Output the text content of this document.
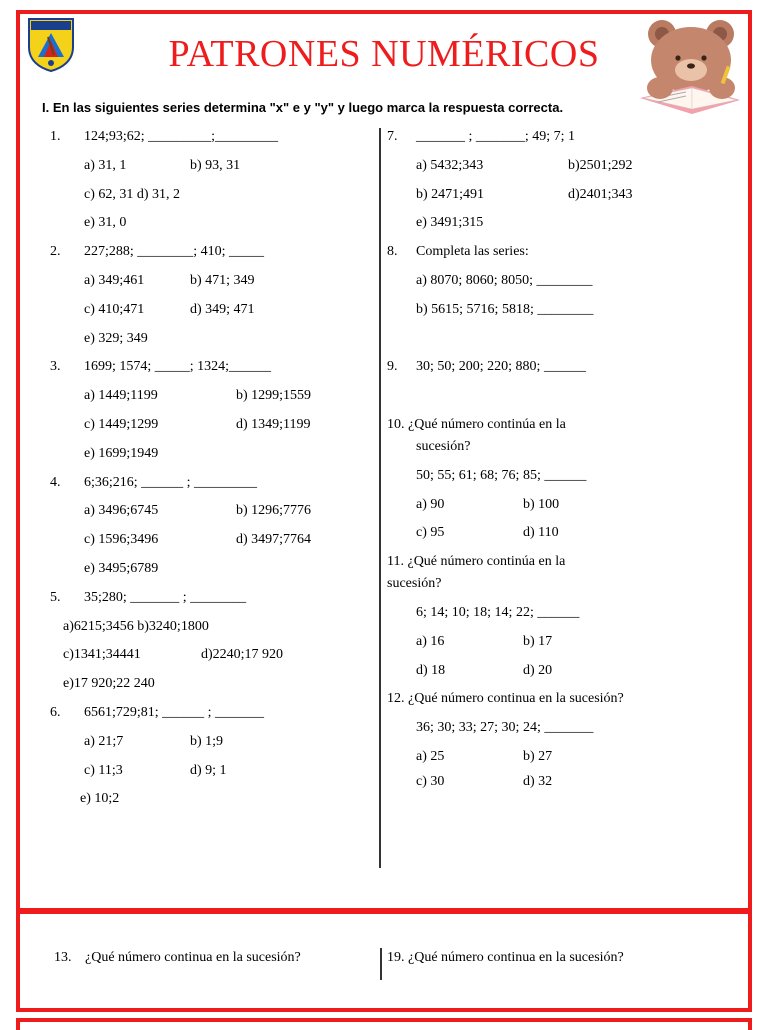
PATRONES NUMÉRICOS
I. En las siguientes series determina "x" e y "y" y luego marca la respuesta correcta.
1. 124;93;62; _________;_________
a) 31, 1	b) 93, 31
c) 62, 31 d) 31, 2
e) 31, 0
2. 227;288; ________; 410; _____
a) 349;461	b) 471; 349
c) 410;471	d) 349; 471
e) 329; 349
3. 1699; 1574; _____; 1324;______
a) 1449;1199	b) 1299;1559
c) 1449;1299	d) 1349;1199
e) 1699;1949
4. 6;36;216; ______ ; _________
a) 3496;6745	b) 1296;7776
c) 1596;3496	d) 3497;7764
e) 3495;6789
5. 35;280; _______ ; ________
a)6215;3456 b)3240;1800
c)1341;34441	d)2240;17 920
e)17 920;22 240
6. 6561;729;81; ______ ; _______
a) 21;7	b) 1;9
c) 11;3	d) 9; 1
e) 10;2
7. _______ ; _______; 49; 7; 1
a) 5432;343	b)2501;292
b) 2471;491	d)2401;343
e) 3491;315
8. Completa las series:
a) 8070; 8060; 8050; ________
b) 5615; 5716; 5818; ________
9. 30; 50; 200; 220; 880; ______
10. ¿Qué número continúa en la
sucesión?
50; 55; 61; 68; 76; 85; ______
a) 90	b) 100
c) 95	d) 110
11. ¿Qué número continúa en la
sucesión?
6; 14; 10; 18; 14; 22; ______
a) 16	b) 17
d) 18	d) 20
12. ¿Qué número continua en la sucesión?
36; 30; 33; 27; 30; 24; _______
a) 25	b) 27
c) 30	d) 32
13. ¿Qué número continua en la sucesión?	19. ¿Qué número continua en la sucesión?
